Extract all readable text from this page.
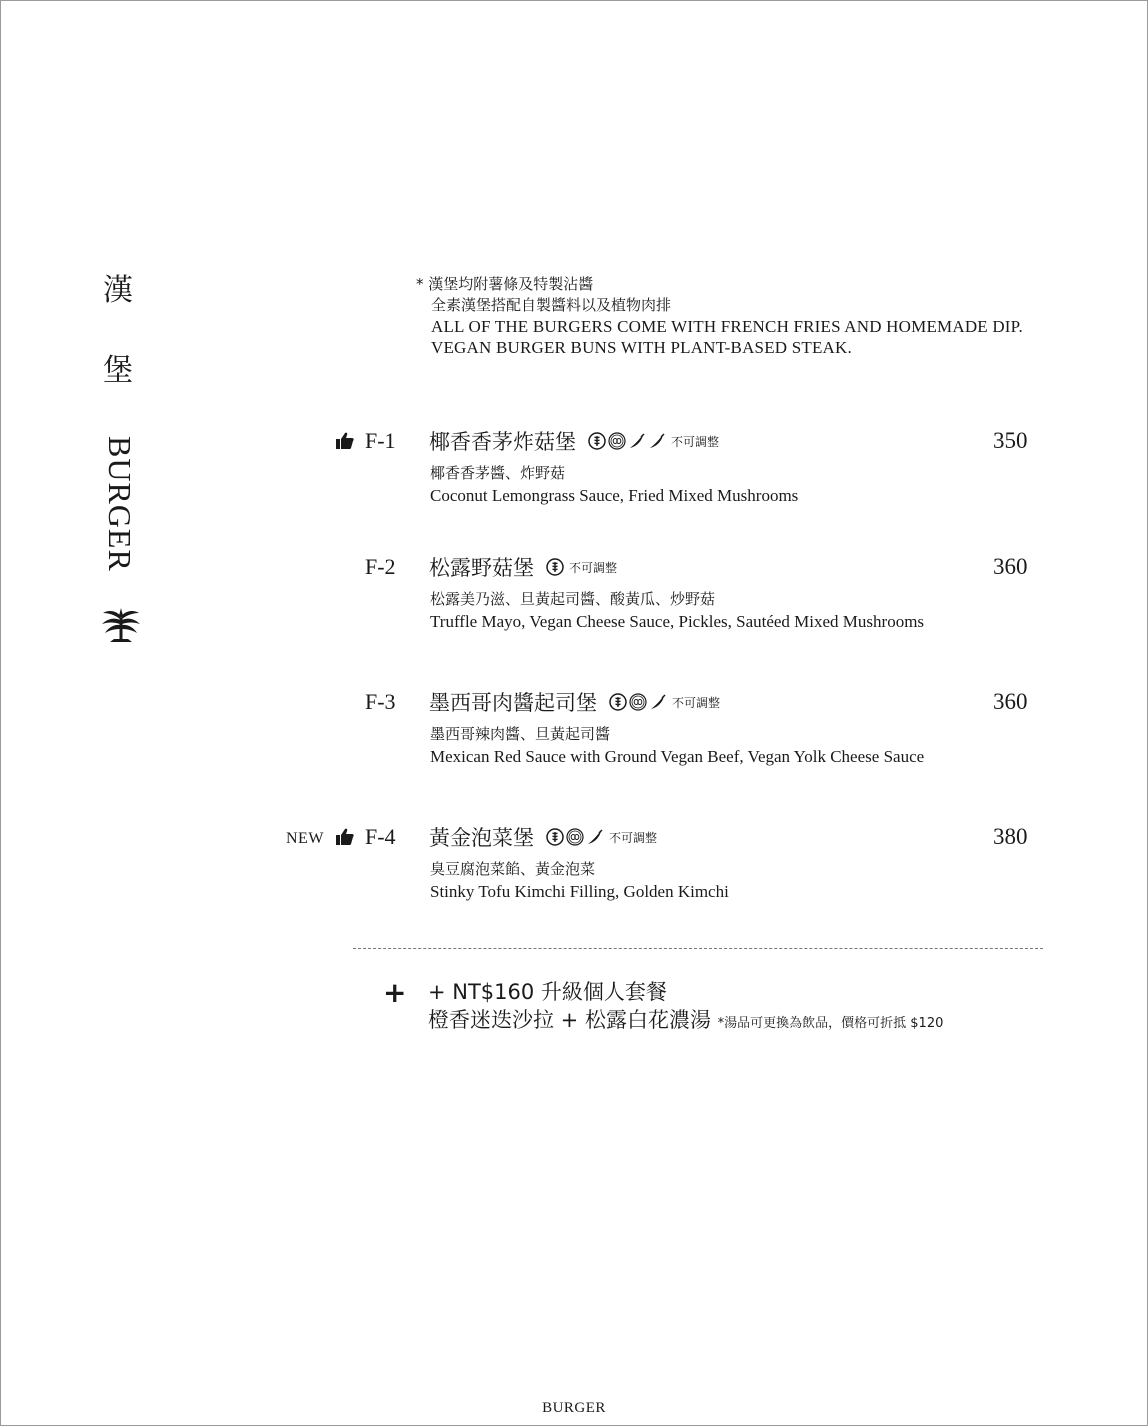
漢
堡
BURGER
* 漢堡均附薯條及特製沾醬
全素漢堡搭配自製醬料以及植物肉排
ALL OF THE BURGERS COME WITH FRENCH FRIES AND HOMEMADE DIP.
VEGAN BURGER BUNS WITH PLANT-BASED STEAK.
F-1 椰香香茅炸菇堡	不可調整	350
椰香香茅醬、炸野菇
Coconut Lemongrass Sauce, Fried Mixed Mushrooms
F-2 松露野菇堡	不可調整	360
松露美乃滋、旦黃起司醬、酸黃瓜、炒野菇
Truffle Mayo, Vegan Cheese Sauce, Pickles, Sautéed Mixed Mushrooms
F-3 墨西哥肉醬起司堡	不可調整	360
墨西哥辣肉醬、旦黃起司醬
Mexican Red Sauce with Ground Vegan Beef, Vegan Yolk Cheese Sauce
NEW F-4 黃金泡菜堡	不可調整	380
臭豆腐泡菜餡、黃金泡菜
Stinky Tofu Kimchi Filling, Golden Kimchi
+ + NT$160 升級個人套餐
橙香迷迭沙拉 + 松露白花濃湯 *湯品可更換為飲品，價格可折抵 $120
BURGER
